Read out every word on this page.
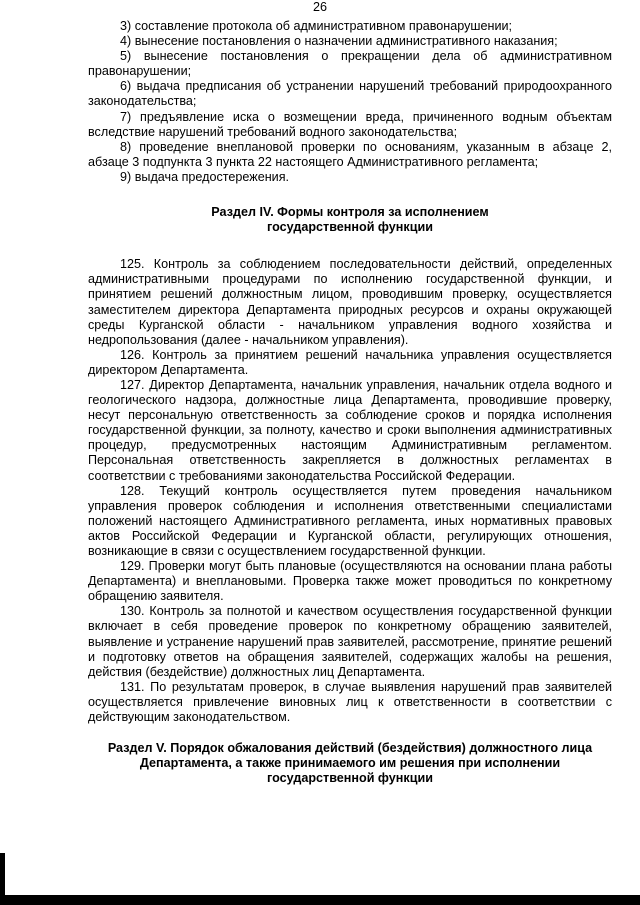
26

3) составление протокола об административном правонарушении;

4) вынесение постановления о назначении административного наказания;

5) вынесение постановления о прекращении дела об административном правонарушении;

6) выдача предписания об устранении нарушений требований природоохранного законодательства;

7) предъявление иска о возмещении вреда, причиненного водным объектам вследствие нарушений требований водного законодательства;

8) проведение внеплановой проверки по основаниям, указанным в абзаце 2, абзаце 3 подпункта 3 пункта 22 настоящего Административного регламента;

9) выдача предостережения.

Раздел IV. Формы контроля за исполнением
государственной функции

125. Контроль за соблюдением последовательности действий, определенных административными процедурами по исполнению государственной функции, и принятием решений должностным лицом, проводившим проверку, осуществляется заместителем директора Департамента природных ресурсов и охраны окружающей среды Курганской области - начальником управления водного хозяйства и недропользования (далее - начальником управления).

126. Контроль за принятием решений начальника управления осуществляется директором Департамента.

127. Директор Департамента, начальник управления, начальник отдела водного и геологического надзора, должностные лица Департамента, проводившие проверку, несут персональную ответственность за соблюдение сроков и порядка исполнения государственной функции, за полноту, качество и сроки выполнения административных процедур, предусмотренных настоящим Административным регламентом. Персональная ответственность закрепляется в должностных регламентах в соответствии с требованиями законодательства Российской Федерации.

128. Текущий контроль осуществляется путем проведения начальником управления проверок соблюдения и исполнения ответственными специалистами положений настоящего Административного регламента, иных нормативных правовых актов Российской Федерации и Курганской области, регулирующих отношения, возникающие в связи с осуществлением государственной функции.

129. Проверки могут быть плановые (осуществляются на основании плана работы Департамента) и внеплановыми. Проверка также может проводиться по конкретному обращению заявителя.

130. Контроль за полнотой и качеством осуществления государственной функции включает в себя проведение проверок по конкретному обращению заявителей, выявление и устранение нарушений прав заявителей, рассмотрение, принятие решений и подготовку ответов на обращения заявителей, содержащих жалобы на решения, действия (бездействие) должностных лиц Департамента.

131. По результатам проверок, в случае выявления нарушений прав заявителей осуществляется привлечение виновных лиц к ответственности в соответствии с действующим законодательством.

Раздел V. Порядок обжалования действий (бездействия) должностного лица
Департамента, а также принимаемого им решения при исполнении
государственной функции
